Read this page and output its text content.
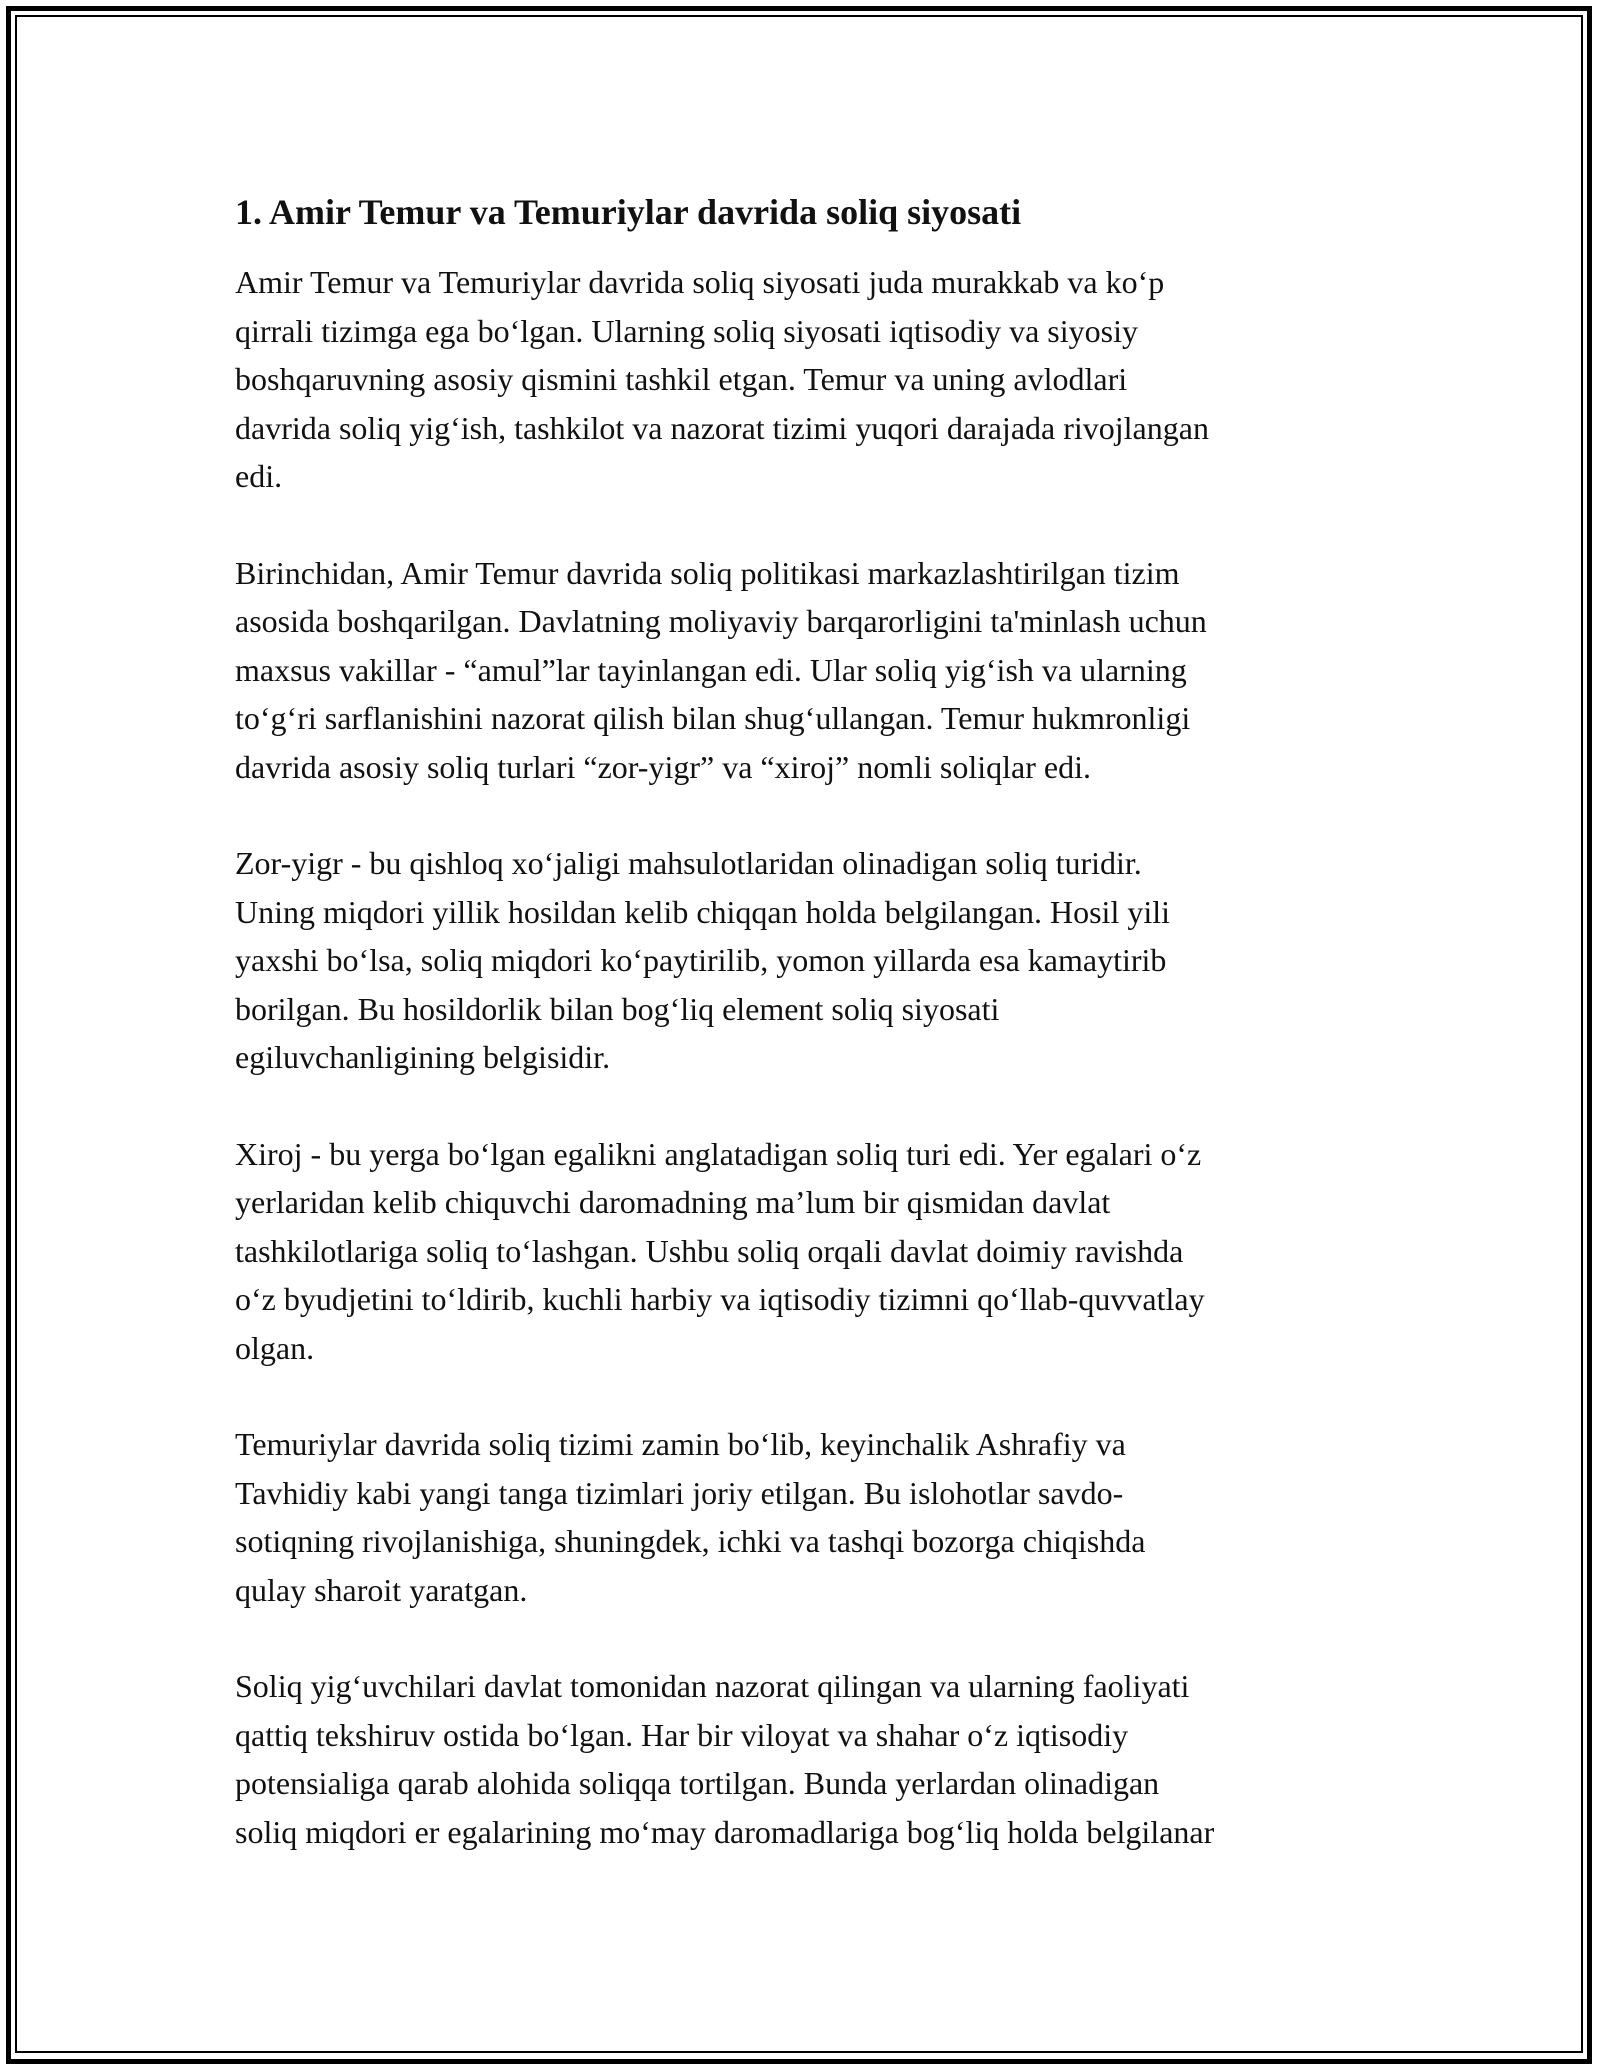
1. Amir Temur va Temuriylar davrida soliq siyosati
Amir Temur va Temuriylar davrida soliq siyosati juda murakkab va ko‘p
qirrali tizimga ega bo‘lgan. Ularning soliq siyosati iqtisodiy va siyosiy
boshqaruvning asosiy qismini tashkil etgan. Temur va uning avlodlari
davrida soliq yig‘ish, tashkilot va nazorat tizimi yuqori darajada rivojlangan
edi.
Birinchidan, Amir Temur davrida soliq politikasi markazlashtirilgan tizim
asosida boshqarilgan. Davlatning moliyaviy barqarorligini ta'minlash uchun
maxsus vakillar - “amul”lar tayinlangan edi. Ular soliq yig‘ish va ularning
to‘g‘ri sarflanishini nazorat qilish bilan shug‘ullangan. Temur hukmronligi
davrida asosiy soliq turlari “zor-yigr” va “xiroj” nomli soliqlar edi.
Zor-yigr - bu qishloq xo‘jaligi mahsulotlaridan olinadigan soliq turidir.
Uning miqdori yillik hosildan kelib chiqqan holda belgilangan. Hosil yili
yaxshi bo‘lsa, soliq miqdori ko‘paytirilib, yomon yillarda esa kamaytirib
borilgan. Bu hosildorlik bilan bog‘liq element soliq siyosati
egiluvchanligining belgisidir.
Xiroj - bu yerga bo‘lgan egalikni anglatadigan soliq turi edi. Yer egalari o‘z
yerlaridan kelib chiquvchi daromadning ma’lum bir qismidan davlat
tashkilotlariga soliq to‘lashgan. Ushbu soliq orqali davlat doimiy ravishda
o‘z byudjetini to‘ldirib, kuchli harbiy va iqtisodiy tizimni qo‘llab-quvvatlay
olgan.
Temuriylar davrida soliq tizimi zamin bo‘lib, keyinchalik Ashrafiy va
Tavhidiy kabi yangi tanga tizimlari joriy etilgan. Bu islohotlar savdo-
sotiqning rivojlanishiga, shuningdek, ichki va tashqi bozorga chiqishda
qulay sharoit yaratgan.
Soliq yig‘uvchilari davlat tomonidan nazorat qilingan va ularning faoliyati
qattiq tekshiruv ostida bo‘lgan. Har bir viloyat va shahar o‘z iqtisodiy
potensialiga qarab alohida soliqqa tortilgan. Bunda yerlardan olinadigan
soliq miqdori er egalarining mo‘may daromadlariga bog‘liq holda belgilanar
